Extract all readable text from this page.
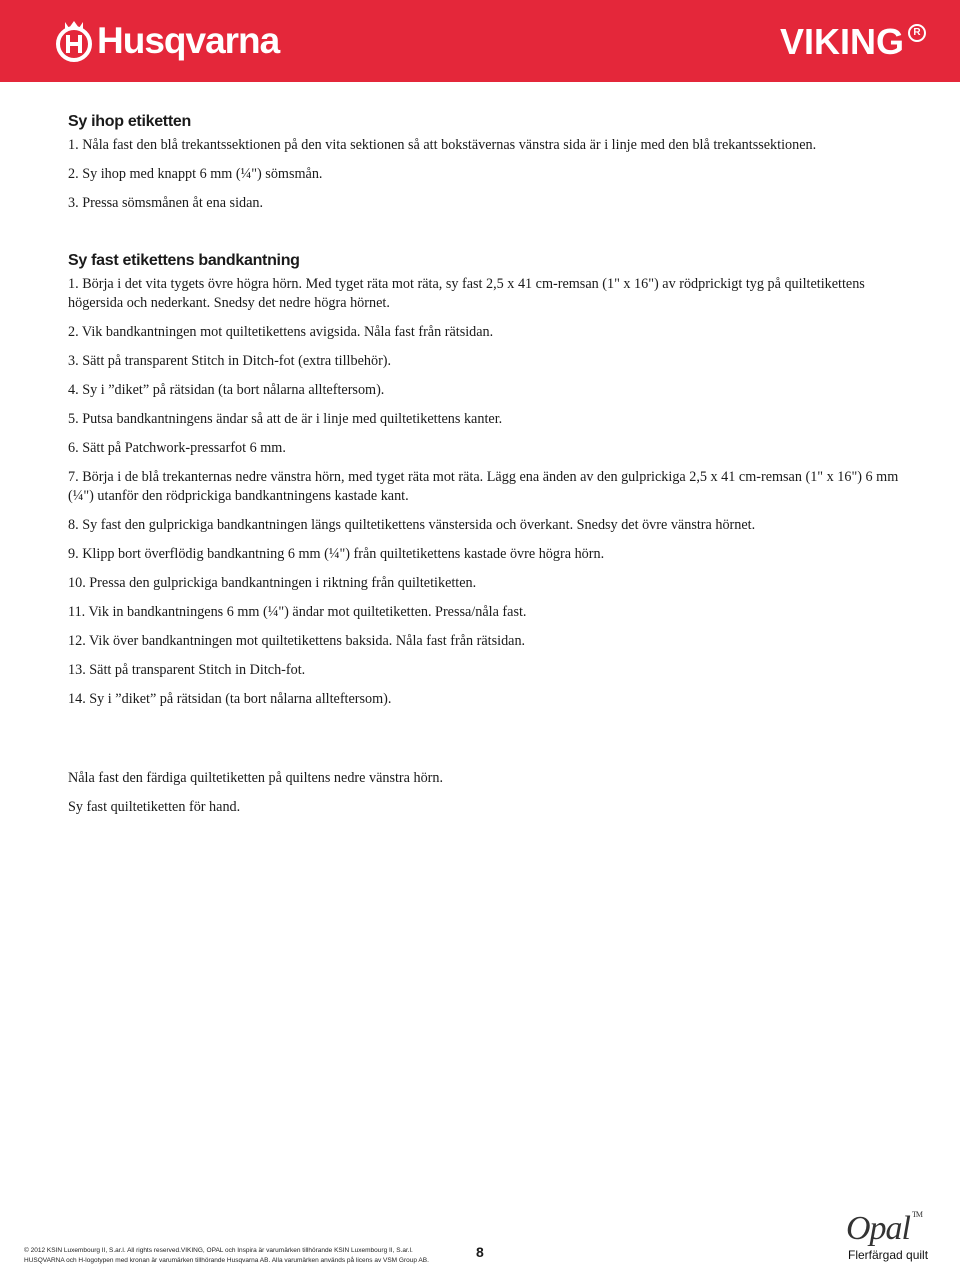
Husqvarna	VIKING R
Sy ihop etiketten

1. Nåla fast den blå trekantssektionen på den vita sektionen så att bokstävernas vänstra sida är i linje med den blå trekantssektionen.

2. Sy ihop med knappt 6 mm (¼") sömsmån.

3. Pressa sömsmånen åt ena sidan.

Sy fast etikettens bandkantning

1. Börja i det vita tygets övre högra hörn. Med tyget räta mot räta, sy fast 2,5 x 41 cm-remsan (1" x 16") av rödprickigt tyg på quiltetikettens högersida och nederkant. Snedsy det nedre högra hörnet.

2. Vik bandkantningen mot quiltetikettens avigsida. Nåla fast från rätsidan.

3. Sätt på transparent Stitch in Ditch-fot (extra tillbehör).

4. Sy i ”diket” på rätsidan (ta bort nålarna allteftersom).

5. Putsa bandkantningens ändar så att de är i linje med quiltetikettens kanter.

6. Sätt på Patchwork-pressarfot 6 mm.

7. Börja i de blå trekanternas nedre vänstra hörn, med tyget räta mot räta. Lägg ena änden av den gulprickiga 2,5 x 41 cm-remsan (1" x 16") 6 mm (¼") utanför den rödprickiga bandkantningens kastade kant.

8. Sy fast den gulprickiga bandkantningen längs quiltetikettens vänstersida och överkant. Snedsy det övre vänstra hörnet.

9. Klipp bort överflödig bandkantning 6 mm (¼") från quiltetikettens kastade övre högra hörn.

10. Pressa den gulprickiga bandkantningen i riktning från quiltetiketten.

11. Vik in bandkantningens 6 mm (¼") ändar mot quiltetiketten. Pressa/nåla fast.

12. Vik över bandkantningen mot quiltetikettens baksida. Nåla fast från rätsidan.

13. Sätt på transparent Stitch in Ditch-fot.

14. Sy i ”diket” på rätsidan (ta bort nålarna allteftersom).

Nåla fast den färdiga quiltetiketten på quiltens nedre vänstra hörn.

Sy fast quiltetiketten för hand.

© 2012 KSIN Luxembourg II, S.ar.l. All rights reserved.VIKING, OPAL och Inspira är varumärken tillhörande KSIN Luxembourg II, S.ar.l.
HUSQVARNA och H-logotypen med kronan är varumärken tillhörande Husqvarna AB. Alla varumärken används på licens av VSM Group AB.
8
Opal ™
Flerfärgad quilt
